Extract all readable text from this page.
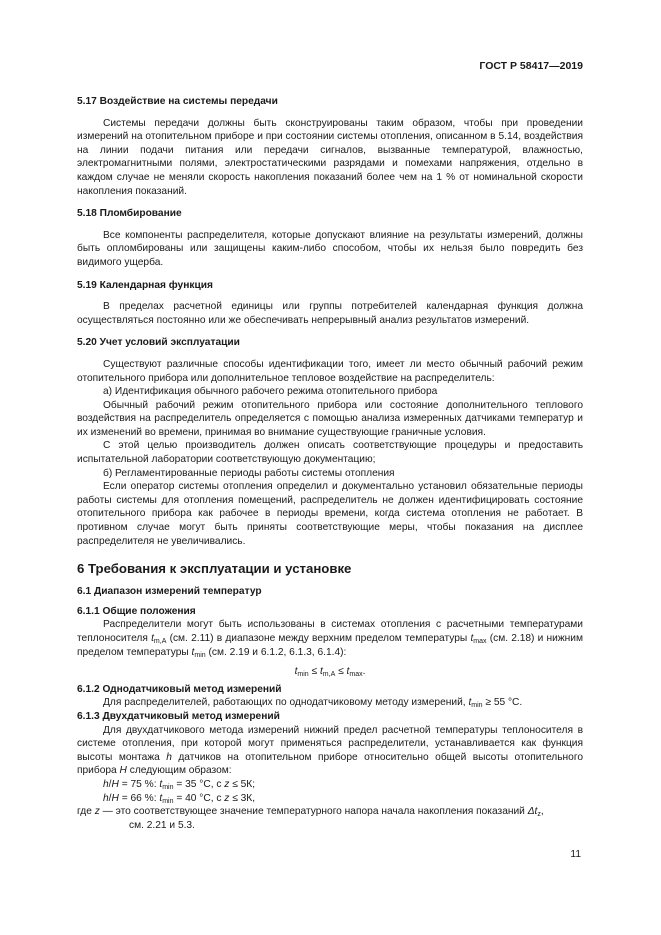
ГОСТ Р 58417—2019

5.17 Воздействие на системы передачи

Системы передачи должны быть сконструированы таким образом, чтобы при проведении измерений на отопительном приборе и при состоянии системы отопления, описанном в 5.14, воздействия на линии подачи питания или передачи сигналов, вызванные температурой, влажностью, электромагнитными полями, электростатическими разрядами и помехами напряжения, отдельно в каждом случае не меняли скорость накопления показаний более чем на 1 % от номинальной скорости накопления показаний.

5.18 Пломбирование

Все компоненты распределителя, которые допускают влияние на результаты измерений, должны быть опломбированы или защищены каким-либо способом, чтобы их нельзя было повредить без видимого ущерба.

5.19 Календарная функция

В пределах расчетной единицы или группы потребителей календарная функция должна осуществляться постоянно или же обеспечивать непрерывный анализ результатов измерений.

5.20 Учет условий эксплуатации

Существуют различные способы идентификации того, имеет ли место обычный рабочий режим отопительного прибора или дополнительное тепловое воздействие на распределитель:

а) Идентификация обычного рабочего режима отопительного прибора

Обычный рабочий режим отопительного прибора или состояние дополнительного теплового воздействия на распределитель определяется с помощью анализа измеренных датчиками температур и их изменений во времени, принимая во внимание существующие граничные условия.

С этой целью производитель должен описать соответствующие процедуры и предоставить испытательной лаборатории соответствующую документацию;

б) Регламентированные периоды работы системы отопления

Если оператор системы отопления определил и документально установил обязательные периоды работы системы для отопления помещений, распределитель не должен идентифицировать состояние отопительного прибора как рабочее в периоды времени, когда система отопления не работает. В противном случае могут быть приняты соответствующие меры, чтобы показания на дисплее распределителя не увеличивались.

6 Требования к эксплуатации и установке

6.1 Диапазон измерений температур

6.1.1 Общие положения

Распределители могут быть использованы в системах отопления с расчетными температурами теплоносителя $t_{m,A}$ (см. 2.11) в диапазоне между верхним пределом температуры $t_{max}$ (см. 2.18) и нижним пределом температуры $t_{min}$ (см. 2.19 и 6.1.2, 6.1.3, 6.1.4):

$t_{min} \le t_{m,A} \le t_{max}$.

6.1.2 Однодатчиковый метод измерений

Для распределителей, работающих по однодатчиковому методу измерений, $t_{min} \ge 55$ °С.

6.1.3 Двухдатчиковый метод измерений

Для двухдатчикового метода измерений нижний предел расчетной температуры теплоносителя в системе отопления, при которой могут применяться распределители, устанавливается как функция высоты монтажа h датчиков на отопительном приборе относительно общей высоты отопительного прибора H следующим образом:

h/H = 75 %: $t_{min} = 35$ °С, с z ≤ 5К;

h/H = 66 %: $t_{min} = 40$ °С, с z ≤ 3К,

где z — это соответствующее значение температурного напора начала накопления показаний $\Delta t_z$,
см. 2.21 и 5.3.

11
